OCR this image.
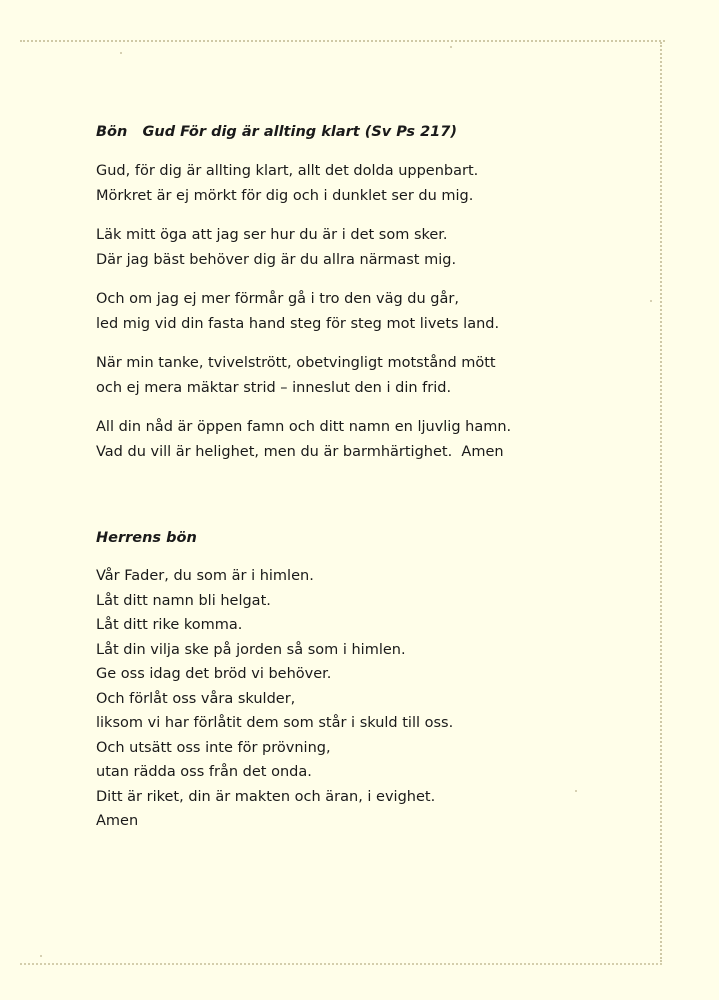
Bön   Gud För dig är allting klart (Sv Ps 217)
Gud, för dig är allting klart, allt det dolda uppenbart.
Mörkret är ej mörkt för dig och i dunklet ser du mig.
Läk mitt öga att jag ser hur du är i det som sker.
Där jag bäst behöver dig är du allra närmast mig.
Och om jag ej mer förmår gå i tro den väg du går,
led mig vid din fasta hand steg för steg mot livets land.
När min tanke, tvivelstrött, obetvingligt motstånd mött
och ej mera mäktar strid – inneslut den i din frid.
All din nåd är öppen famn och ditt namn en ljuvlig hamn.
Vad du vill är helighet, men du är barmhärtighet.  Amen
Herrens bön
Vår Fader, du som är i himlen.
Låt ditt namn bli helgat.
Låt ditt rike komma.
Låt din vilja ske på jorden så som i himlen.
Ge oss idag det bröd vi behöver.
Och förlåt oss våra skulder,
liksom vi har förlåtit dem som står i skuld till oss.
Och utsätt oss inte för prövning,
utan rädda oss från det onda.
Ditt är riket, din är makten och äran, i evighet.
Amen
